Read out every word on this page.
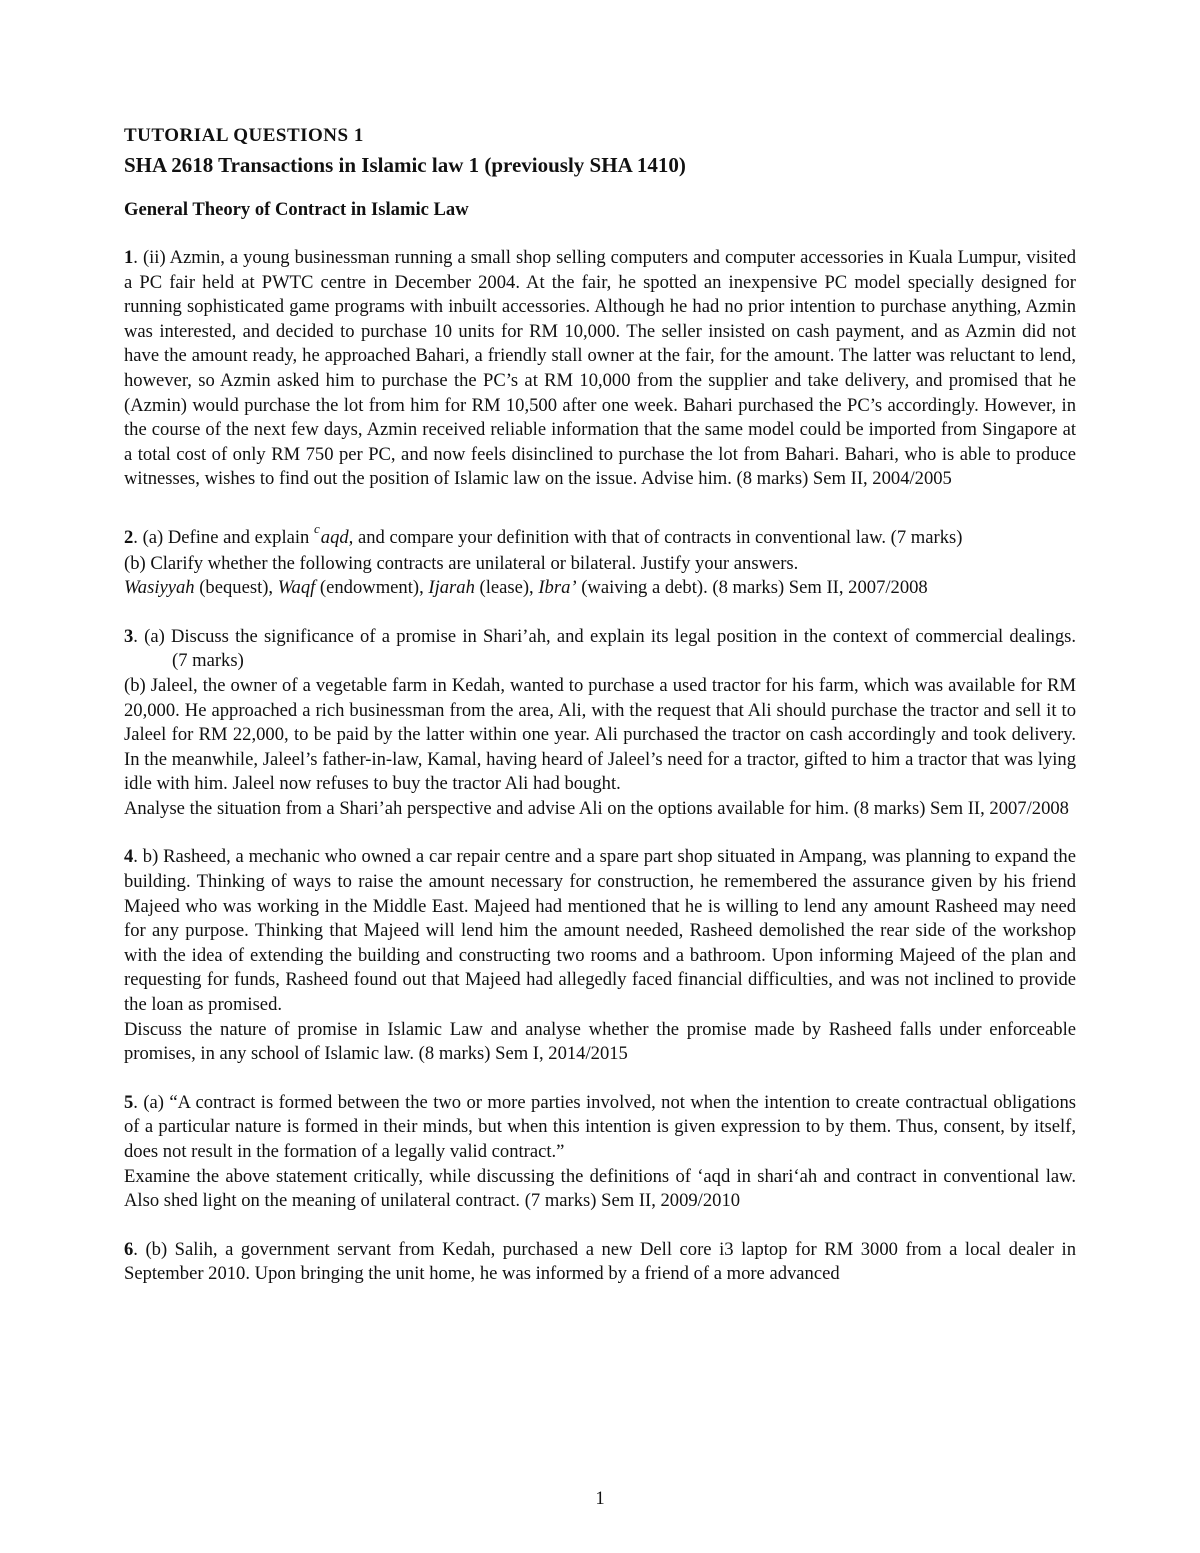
TUTORIAL QUESTIONS 1

SHA 2618 Transactions in Islamic law 1 (previously SHA 1410)

General Theory of Contract in Islamic Law

1. (ii) Azmin, a young businessman running a small shop selling computers and computer accessories in Kuala Lumpur, visited a PC fair held at PWTC centre in December 2004. At the fair, he spotted an inexpensive PC model specially designed for running sophisticated game programs with inbuilt accessories. Although he had no prior intention to purchase anything, Azmin was interested, and decided to purchase 10 units for RM 10,000. The seller insisted on cash payment, and as Azmin did not have the amount ready, he approached Bahari, a friendly stall owner at the fair, for the amount. The latter was reluctant to lend, however, so Azmin asked him to purchase the PC’s at RM 10,000 from the supplier and take delivery, and promised that he (Azmin) would purchase the lot from him for RM 10,500 after one week. Bahari purchased the PC’s accordingly. However, in the course of the next few days, Azmin received reliable information that the same model could be imported from Singapore at a total cost of only RM 750 per PC, and now feels disinclined to purchase the lot from Bahari. Bahari, who is able to produce witnesses, wishes to find out the position of Islamic law on the issue. Advise him. (8 marks) Sem II, 2004/2005

2. (a) Define and explain $^c$aqd, and compare your definition with that of contracts in conventional law. (7 marks)

(b) Clarify whether the following contracts are unilateral or bilateral. Justify your answers.

Wasiyyah (bequest), Waqf (endowment), Ijarah (lease), Ibra’ (waiving a debt). (8 marks) Sem II, 2007/2008

3. (a) Discuss the significance of a promise in Shari’ah, and explain its legal position in the context of commercial dealings.(7 marks)

(b) Jaleel, the owner of a vegetable farm in Kedah, wanted to purchase a used tractor for his farm, which was available for RM 20,000. He approached a rich businessman from the area, Ali, with the request that Ali should purchase the tractor and sell it to Jaleel for RM 22,000, to be paid by the latter within one year. Ali purchased the tractor on cash accordingly and took delivery. In the meanwhile, Jaleel’s father-in-law, Kamal, having heard of Jaleel’s need for a tractor, gifted to him a tractor that was lying idle with him. Jaleel now refuses to buy the tractor Ali had bought.

Analyse the situation from a Shari’ah perspective and advise Ali on the options available for him. (8 marks) Sem II, 2007/2008

4. b) Rasheed, a mechanic who owned a car repair centre and a spare part shop situated in Ampang, was planning to expand the building. Thinking of ways to raise the amount necessary for construction, he remembered the assurance given by his friend Majeed who was working in the Middle East. Majeed had mentioned that he is willing to lend any amount Rasheed may need for any purpose. Thinking that Majeed will lend him the amount needed, Rasheed demolished the rear side of the workshop with the idea of extending the building and constructing two rooms and a bathroom. Upon informing Majeed of the plan and requesting for funds, Rasheed found out that Majeed had allegedly faced financial difficulties, and was not inclined to provide the loan as promised.

Discuss the nature of promise in Islamic Law and analyse whether the promise made by Rasheed falls under enforceable promises, in any school of Islamic law. (8 marks) Sem I, 2014/2015

5. (a) “A contract is formed between the two or more parties involved, not when the intention to create contractual obligations of a particular nature is formed in their minds, but when this intention is given expression to by them. Thus, consent, by itself, does not result in the formation of a legally valid contract.”

Examine the above statement critically, while discussing the definitions of ‘aqd in shari‘ah and contract in conventional law. Also shed light on the meaning of unilateral contract. (7 marks) Sem II, 2009/2010

6. (b) Salih, a government servant from Kedah, purchased a new Dell core i3 laptop for RM 3000 from a local dealer in September 2010. Upon bringing the unit home, he was informed by a friend of a more advanced

1
